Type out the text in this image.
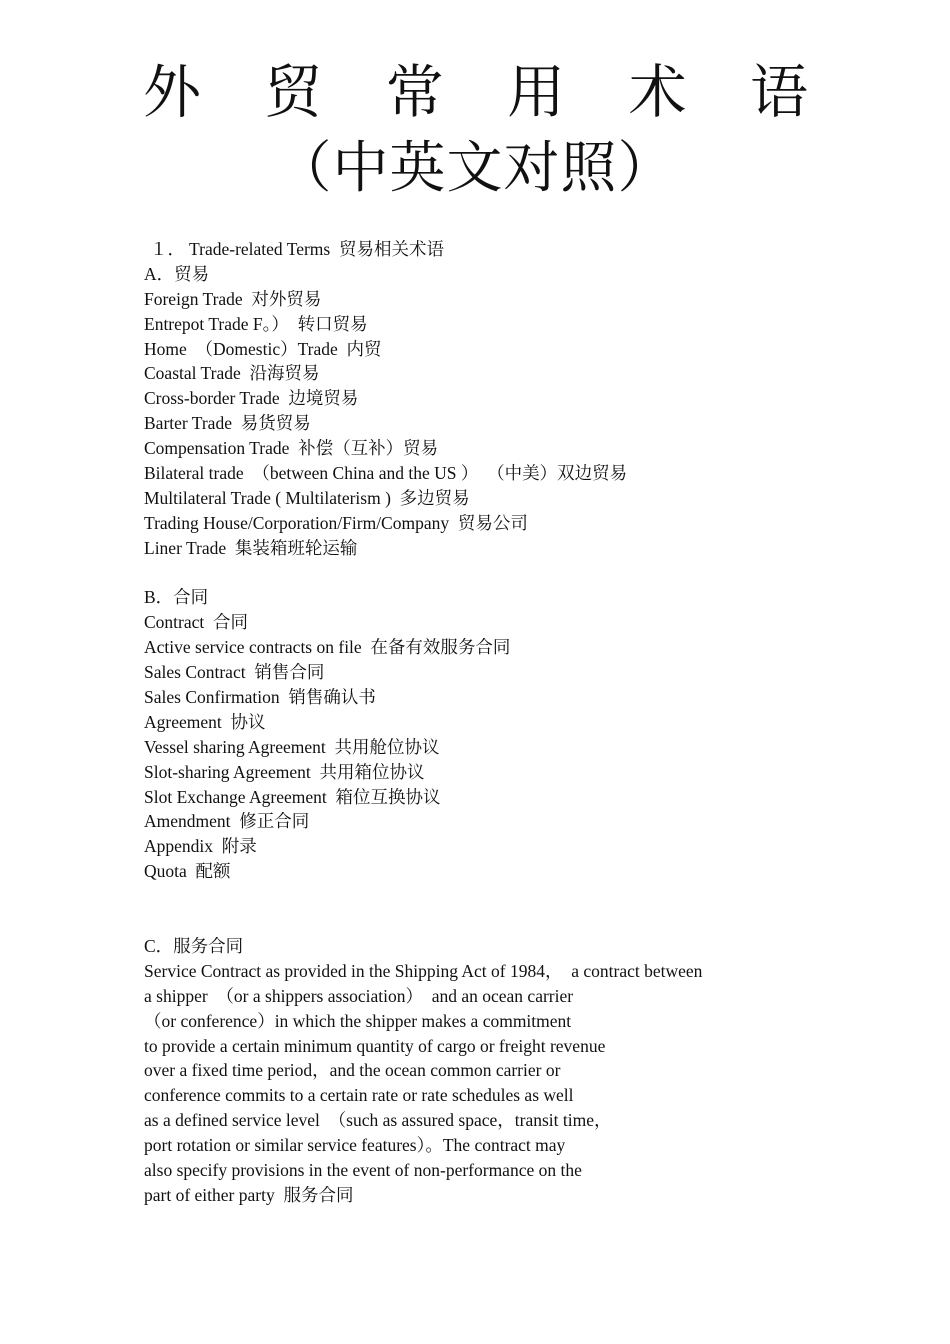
外 贸 常 用 术 语
（中英文对照）
１． Trade-related Terms  贸易相关术语
A．贸易
Foreign Trade  对外贸易
Entrepot Trade F。）  转口贸易
Home  （Domestic）Trade  内贸
Coastal Trade  沿海贸易
Cross-border Trade  边境贸易
Barter Trade  易货贸易
Compensation Trade  补偿（互补）贸易
Bilateral trade  （between China and the US ）  （中美）双边贸易
Multilateral Trade ( Multilaterism )  多边贸易
Trading House/Corporation/Firm/Company  贸易公司
Liner Trade  集装箱班轮运输
B．合同
Contract  合同
Active service contracts on file  在备有效服务合同
Sales Contract  销售合同
Sales Confirmation  销售确认书
Agreement  协议
Vessel sharing Agreement  共用舱位协议
Slot-sharing Agreement  共用箱位协议
Slot Exchange Agreement  箱位互换协议
Amendment  修正合同
Appendix  附录
Quota  配额
C．服务合同
Service Contract as provided in the Shipping Act of 1984，  a contract between
a shipper  （or a shippers association）  and an ocean carrier
（or conference）in which the shipper makes a commitment
to provide a certain minimum quantity of cargo or freight revenue
over a fixed time period，and the ocean common carrier or
conference commits to a certain rate or rate schedules as well
as a defined service level  （such as assured space，transit time，
port rotation or similar service features）。The contract may
also specify provisions in the event of non-performance on the
part of either party  服务合同
